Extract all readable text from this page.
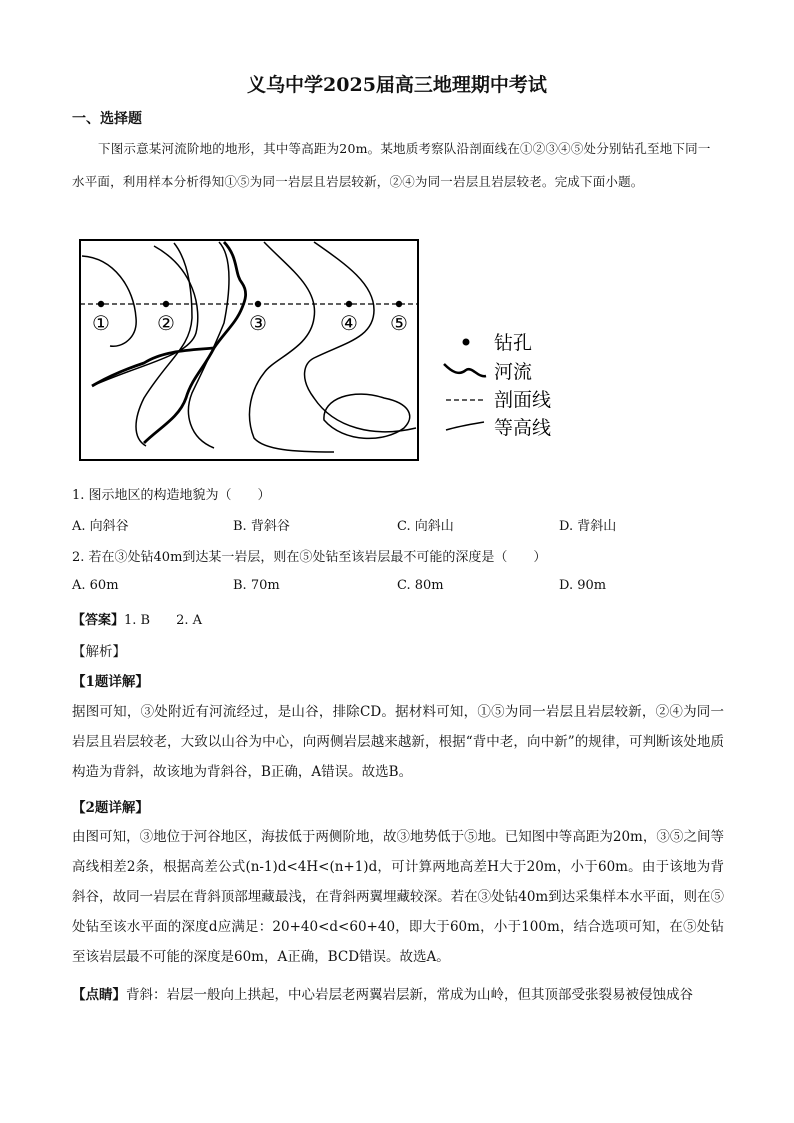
义乌中学2025届高三地理期中考试
一、选择题
下图示意某河流阶地的地形，其中等高距为20m。某地质考察队沿剖面线在①②③④⑤处分别钻孔至地下同一水平面，利用样本分析得知①⑤为同一岩层且岩层较新，②④为同一岩层且岩层较老。完成下面小题。
① ②	③	④ ⑤
钻孔
河流
剖面线
等高线
1. 图示地区的构造地貌为（　　）
A. 向斜谷	B. 背斜谷	C. 向斜山	D. 背斜山
2. 若在③处钻40m到达某一岩层，则在⑤处钻至该岩层最不可能的深度是（　　）
A. 60m	B. 70m	C. 80m	D. 90m
【答案】1. B　　2. A
【解析】
【1题详解】
据图可知，③处附近有河流经过，是山谷，排除CD。据材料可知，①⑤为同一岩层且岩层较新，②④为同一岩层且岩层较老，大致以山谷为中心，向两侧岩层越来越新，根据“背中老，向中新”的规律，可判断该处地质构造为背斜，故该地为背斜谷，B正确，A错误。故选B。
【2题详解】
由图可知，③地位于河谷地区，海拔低于两侧阶地，故③地势低于⑤地。已知图中等高距为20m，③⑤之间等高线相差2条，根据高差公式(n-1)d<4H<(n+1)d，可计算两地高差H大于20m，小于60m。由于该地为背斜谷，故同一岩层在背斜顶部埋藏最浅，在背斜两翼埋藏较深。若在③处钻40m到达采集样本水平面，则在⑤处钻至该水平面的深度d应满足：20+40<d<60+40，即大于60m，小于100m，结合选项可知，在⑤处钻至该岩层最不可能的深度是60m，A正确，BCD错误。故选A。
【点睛】背斜：岩层一般向上拱起，中心岩层老两翼岩层新，常成为山岭，但其顶部受张裂易被侵蚀成谷
